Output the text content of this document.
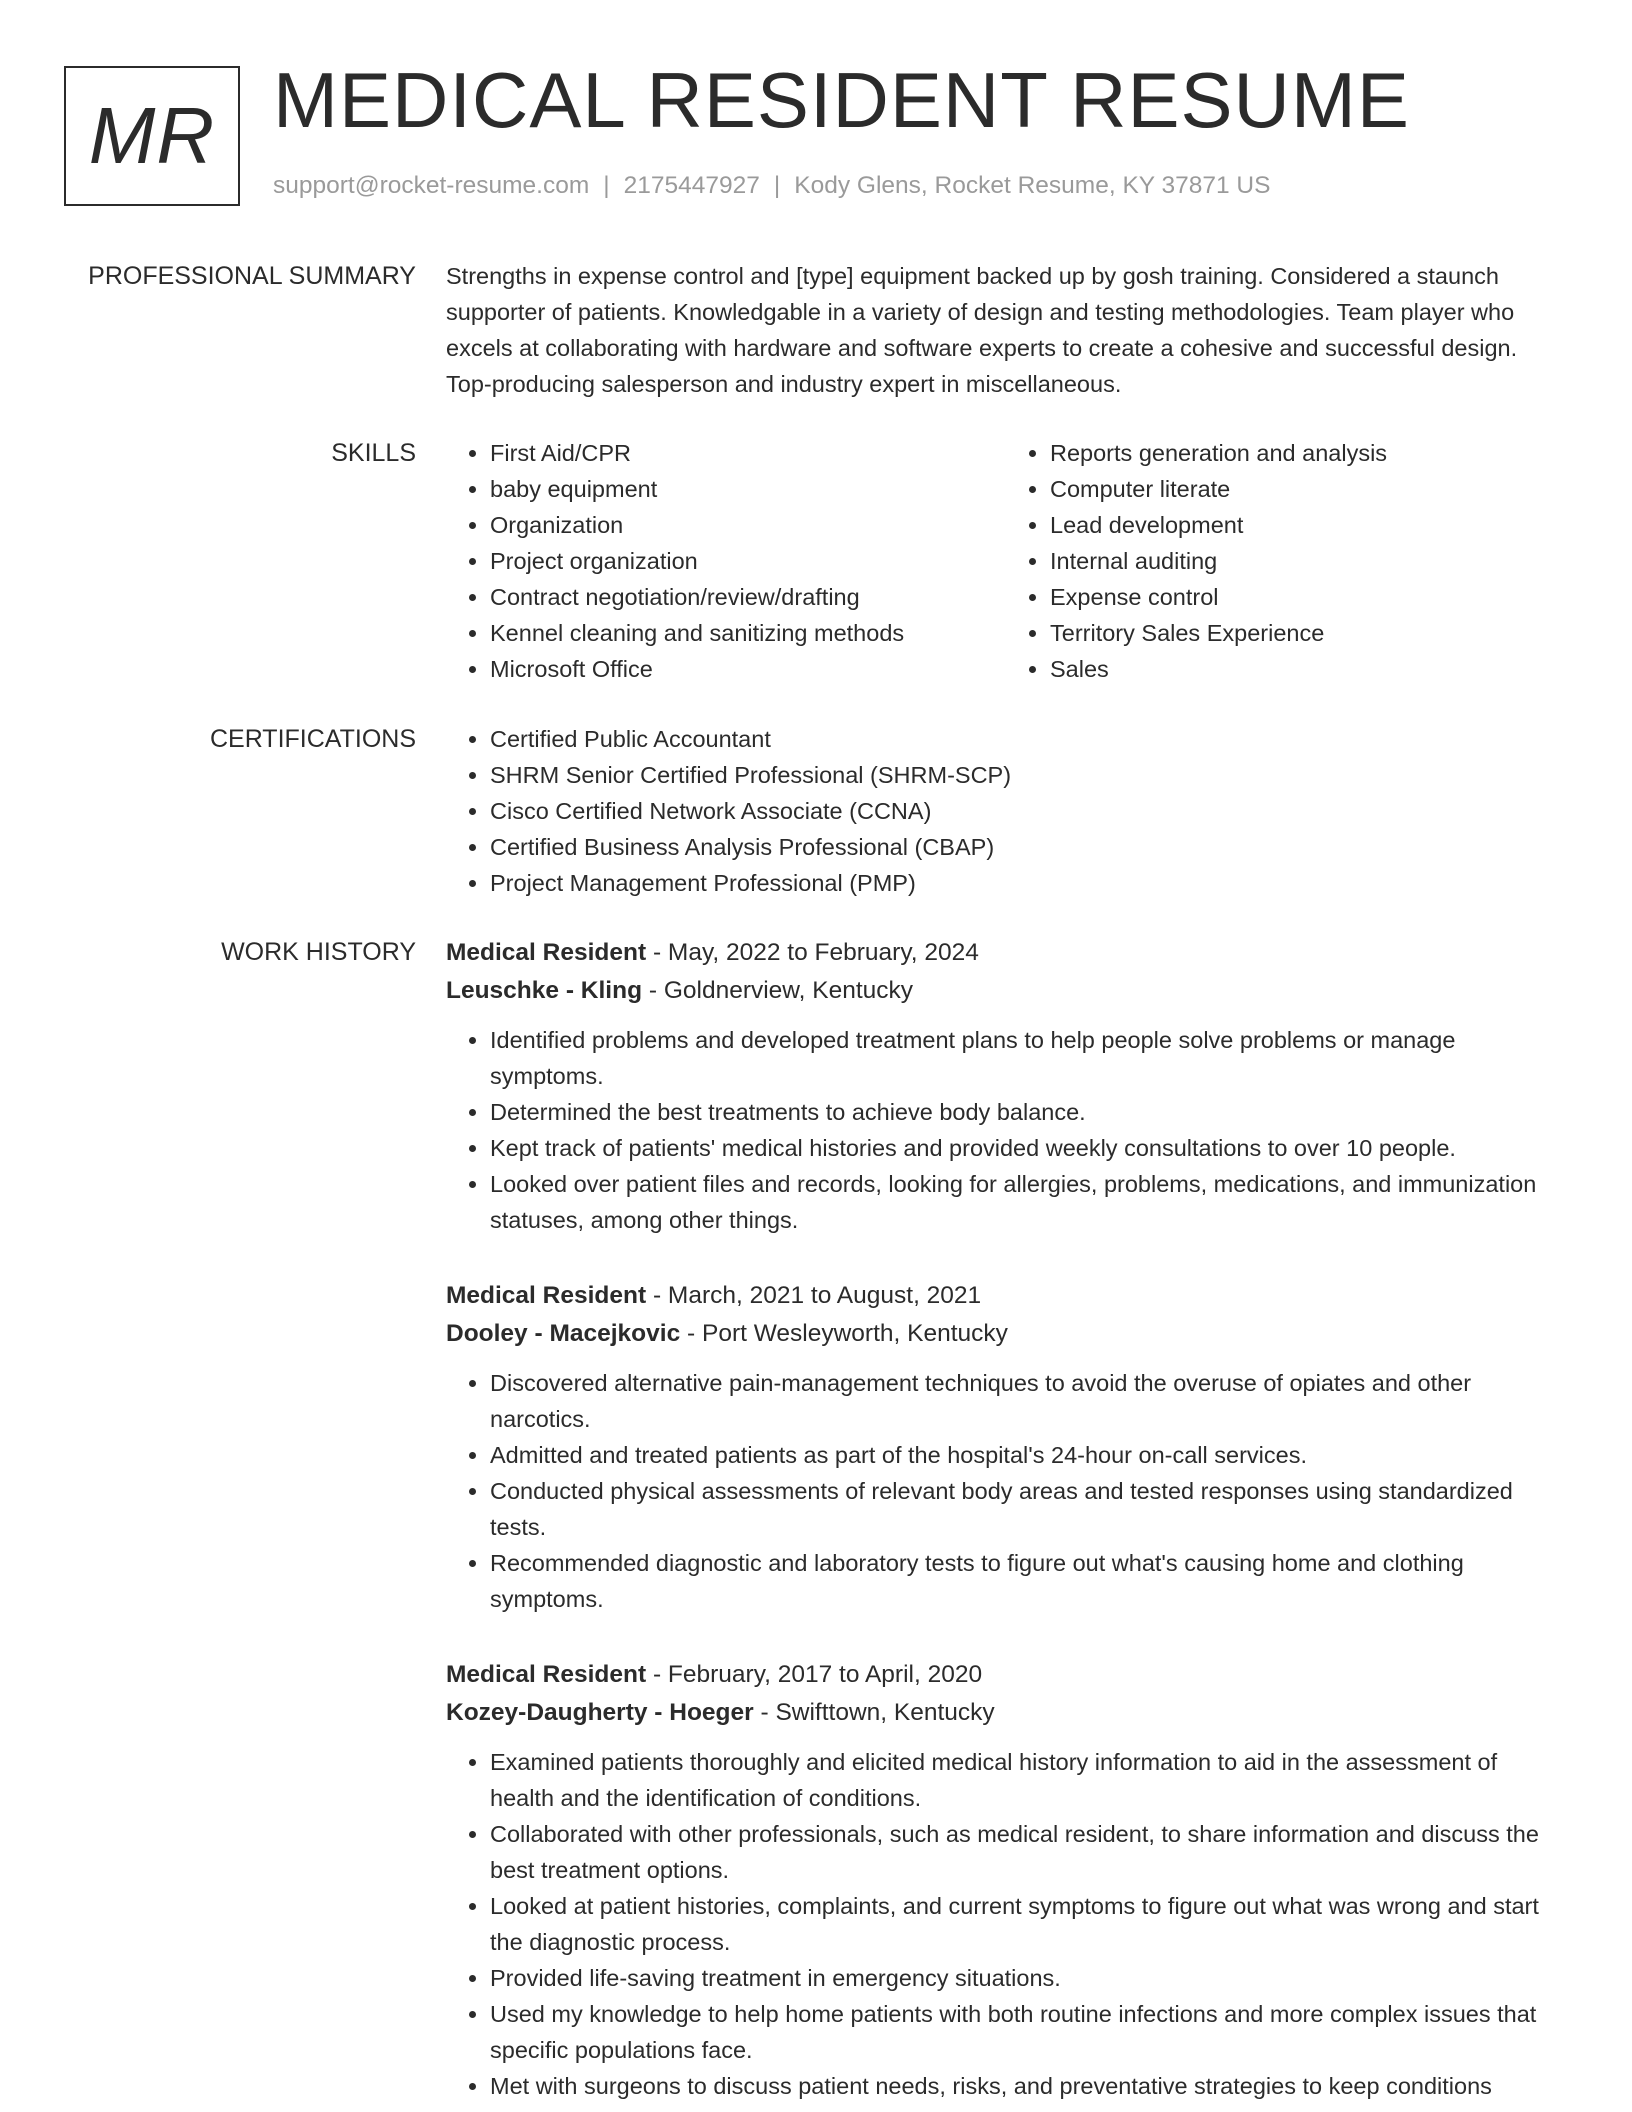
MR MEDICAL RESIDENT RESUME
support@rocket-resume.com | 2175447927 | Kody Glens, Rocket Resume, KY 37871 US
PROFESSIONAL SUMMARY Strengths in expense control and [type] equipment backed up by gosh training. Considered a staunch supporter of patients. Knowledgable in a variety of design and testing methodologies. Team player who excels at collaborating with hardware and software experts to create a cohesive and successful design. Top-producing salesperson and industry expert in miscellaneous.

SKILLS	• First Aid/CPR
• baby equipment
• Organization
• Project organization
• Contract negotiation/review/drafting
• Kennel cleaning and sanitizing methods
• Microsoft Office
• Reports generation and analysis
• Computer literate
• Lead development
• Internal auditing
• Expense control
• Territory Sales Experience
• Sales
CERTIFICATIONS	• Certified Public Accountant
• SHRM Senior Certified Professional (SHRM-SCP)
• Cisco Certified Network Associate (CCNA)
• Certified Business Analysis Professional (CBAP)
• Project Management Professional (PMP)
WORK HISTORY Medical Resident - May, 2022 to February, 2024
Leuschke - Kling - Goldnerview, Kentucky
• Identified problems and developed treatment plans to help people solve problems or manage symptoms.
• Determined the best treatments to achieve body balance.
• Kept track of patients' medical histories and provided weekly consultations to over 10 people.
• Looked over patient files and records, looking for allergies, problems, medications, and immunization statuses, among other things.
Medical Resident - March, 2021 to August, 2021
Dooley - Macejkovic - Port Wesleyworth, Kentucky
• Discovered alternative pain-management techniques to avoid the overuse of opiates and other narcotics.
• Admitted and treated patients as part of the hospital's 24-hour on-call services.
• Conducted physical assessments of relevant body areas and tested responses using standardized tests.
• Recommended diagnostic and laboratory tests to figure out what's causing home and clothing symptoms.
Medical Resident - February, 2017 to April, 2020
Kozey-Daugherty - Hoeger - Swifttown, Kentucky
• Examined patients thoroughly and elicited medical history information to aid in the assessment of health and the identification of conditions.
• Collaborated with other professionals, such as medical resident, to share information and discuss the best treatment options.
• Looked at patient histories, complaints, and current symptoms to figure out what was wrong and start the diagnostic process.
• Provided life-saving treatment in emergency situations.
• Used my knowledge to help home patients with both routine infections and more complex issues that specific populations face.
• Met with surgeons to discuss patient needs, risks, and preventative strategies to keep conditions
